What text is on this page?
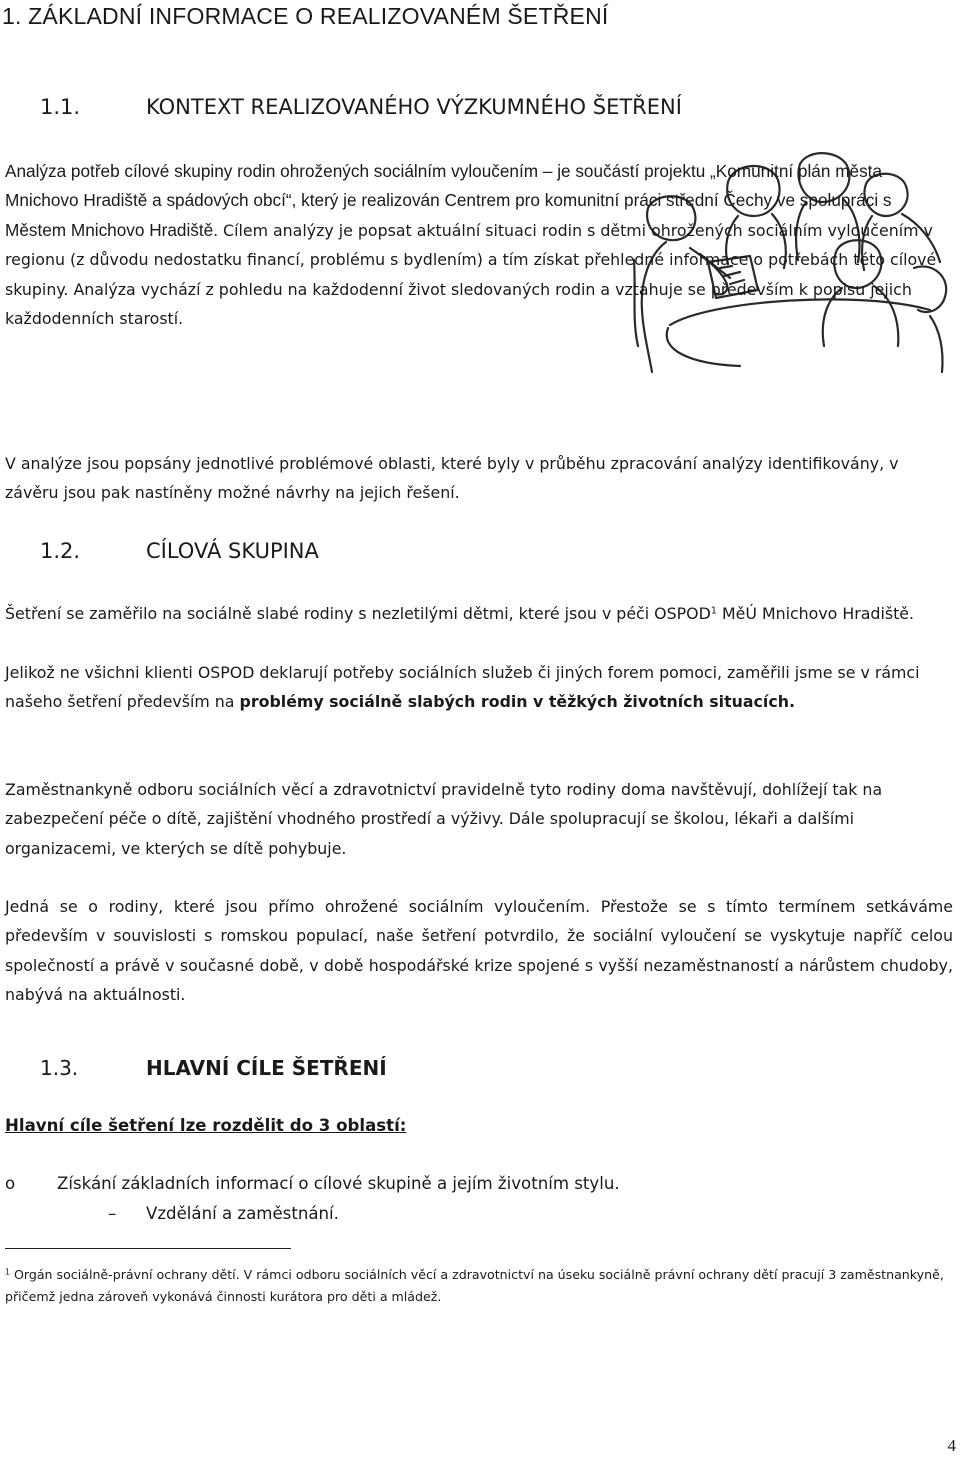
1. ZÁKLADNÍ INFORMACE O REALIZOVANÉM ŠETŘENÍ
1.1.	KONTEXT REALIZOVANÉHO VÝZKUMNÉHO ŠETŘENÍ

Analýza potřeb cílové skupiny rodin ohrožených sociálním vyloučením – je součástí projektu „Komunitní plán města Mnichovo Hradiště a spádových obcí“, který je realizován Centrem pro komunitní práci střední Čechy ve spolupráci s Městem Mnichovo Hradiště. Cílem analýzy je popsat aktuální situaci rodin s dětmi ohrožených sociálním vyloučením v regionu (z důvodu nedostatku financí, problému s bydlením) a tím získat přehledné informace o potřebách této cílové skupiny. Analýza vychází z pohledu na každodenní život sledovaných rodin a vztahuje se především k popisu jejich každodenních starostí.

V analýze jsou popsány jednotlivé problémové oblasti, které byly v průběhu zpracování analýzy identifikovány, v závěru jsou pak nastíněny možné návrhy na jejich řešení.

1.2.	CÍLOVÁ SKUPINA

Šetření se zaměřilo na sociálně slabé rodiny s nezletilými dětmi, které jsou v péči OSPOD$^1$ MěÚ Mnichovo Hradiště.

Jelikož ne všichni klienti OSPOD deklarují potřeby sociálních služeb či jiných forem pomoci, zaměřili jsme se v rámci našeho šetření především na problémy sociálně slabých rodin v těžkých životních situacích.

Zaměstnankyně odboru sociálních věcí a zdravotnictví pravidelně tyto rodiny doma navštěvují, dohlížejí tak na zabezpečení péče o dítě, zajištění vhodného prostředí a výživy. Dále spolupracují se školou, lékaři a dalšími organizacemi, ve kterých se dítě pohybuje.

Jedná se o rodiny, které jsou přímo ohrožené sociálním vyloučením. Přestože se s tímto termínem setkáváme především v souvislosti s romskou populací, naše šetření potvrdilo, že sociální vyloučení se vyskytuje napříč celou společností a právě v současné době, v době hospodářské krize spojené s vyšší nezaměstnaností a nárůstem chudoby, nabývá na aktuálnosti.

1.3.	HLAVNÍ CÍLE ŠETŘENÍ

Hlavní cíle šetření lze rozdělit do 3 oblastí:

o	Získání základních informací o cílové skupině a jejím životním stylu.

– Vzdělání a zaměstnání.

$^1$ Orgán sociálně-právní ochrany dětí. V rámci odboru sociálních věcí a zdravotnictví na úseku sociálně právní ochrany dětí pracují 3 zaměstnankyně, přičemž jedna zároveň vykonává činnosti kurátora pro děti a mládež.

4
